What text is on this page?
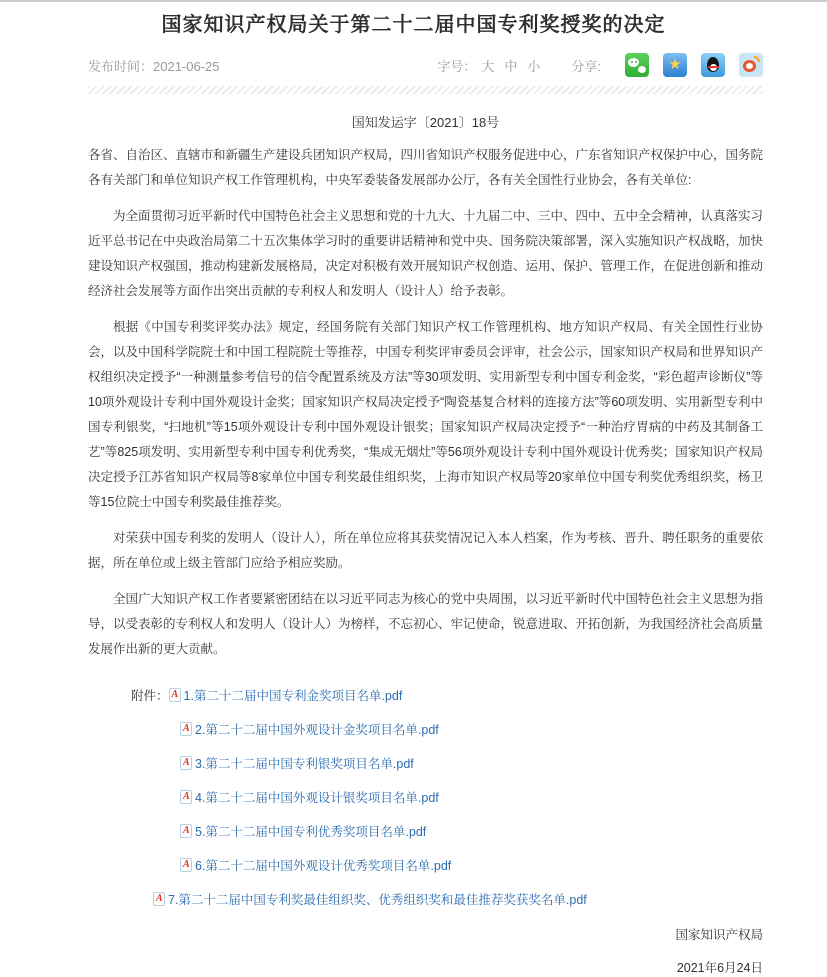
国家知识产权局关于第二十二届中国专利奖授奖的决定
发布时间：2021-06-25	字号： 大 中 小 分享:
★
国知发运字〔2021〕18号

各省、自治区、直辖市和新疆生产建设兵团知识产权局，四川省知识产权服务促进中心，广东省知识产权保护中心，国务院各有关部门和单位知识产权工作管理机构，中央军委装备发展部办公厅，各有关全国性行业协会，各有关单位:

为全面贯彻习近平新时代中国特色社会主义思想和党的十九大、十九届二中、三中、四中、五中全会精神，认真落实习近平总书记在中央政治局第二十五次集体学习时的重要讲话精神和党中央、国务院决策部署，深入实施知识产权战略，加快建设知识产权强国，推动构建新发展格局，决定对积极有效开展知识产权创造、运用、保护、管理工作，在促进创新和推动经济社会发展等方面作出突出贡献的专利权人和发明人（设计人）给予表彰。

根据《中国专利奖评奖办法》规定，经国务院有关部门知识产权工作管理机构、地方知识产权局、有关全国性行业协会，以及中国科学院院士和中国工程院院士等推荐，中国专利奖评审委员会评审，社会公示，国家知识产权局和世界知识产权组织决定授予“一种测量参考信号的信令配置系统及方法”等30项发明、实用新型专利中国专利金奖，“彩色超声诊断仪”等10项外观设计专利中国外观设计金奖；国家知识产权局决定授予“陶瓷基复合材料的连接方法”等60项发明、实用新型专利中国专利银奖，“扫地机”等15项外观设计专利中国外观设计银奖；国家知识产权局决定授予“一种治疗胃病的中药及其制备工艺”等825项发明、实用新型专利中国专利优秀奖，“集成无烟灶”等56项外观设计专利中国外观设计优秀奖；国家知识产权局决定授予江苏省知识产权局等8家单位中国专利奖最佳组织奖，上海市知识产权局等20家单位中国专利奖优秀组织奖，杨卫等15位院士中国专利奖最佳推荐奖。

对荣获中国专利奖的发明人（设计人），所在单位应将其获奖情况记入本人档案，作为考核、晋升、聘任职务的重要依据，所在单位或上级主管部门应给予相应奖励。

全国广大知识产权工作者要紧密团结在以习近平同志为核心的党中央周围，以习近平新时代中国特色社会主义思想为指导，以受表彰的专利权人和发明人（设计人）为榜样，不忘初心、牢记使命，锐意进取、开拓创新，为我国经济社会高质量发展作出新的更大贡献。

附件： A 1.第二十二届中国专利金奖项目名单.pdf
A
2.第二十二届中国外观设计金奖项目名单.pdf
A
3.第二十二届中国专利银奖项目名单.pdf
A
4.第二十二届中国外观设计银奖项目名单.pdf
A
5.第二十二届中国专利优秀奖项目名单.pdf
A
6.第二十二届中国外观设计优秀奖项目名单.pdf
A
7.第二十二届中国专利奖最佳组织奖、优秀组织奖和最佳推荐奖获奖名单.pdf
国家知识产权局
2021年6月24日
